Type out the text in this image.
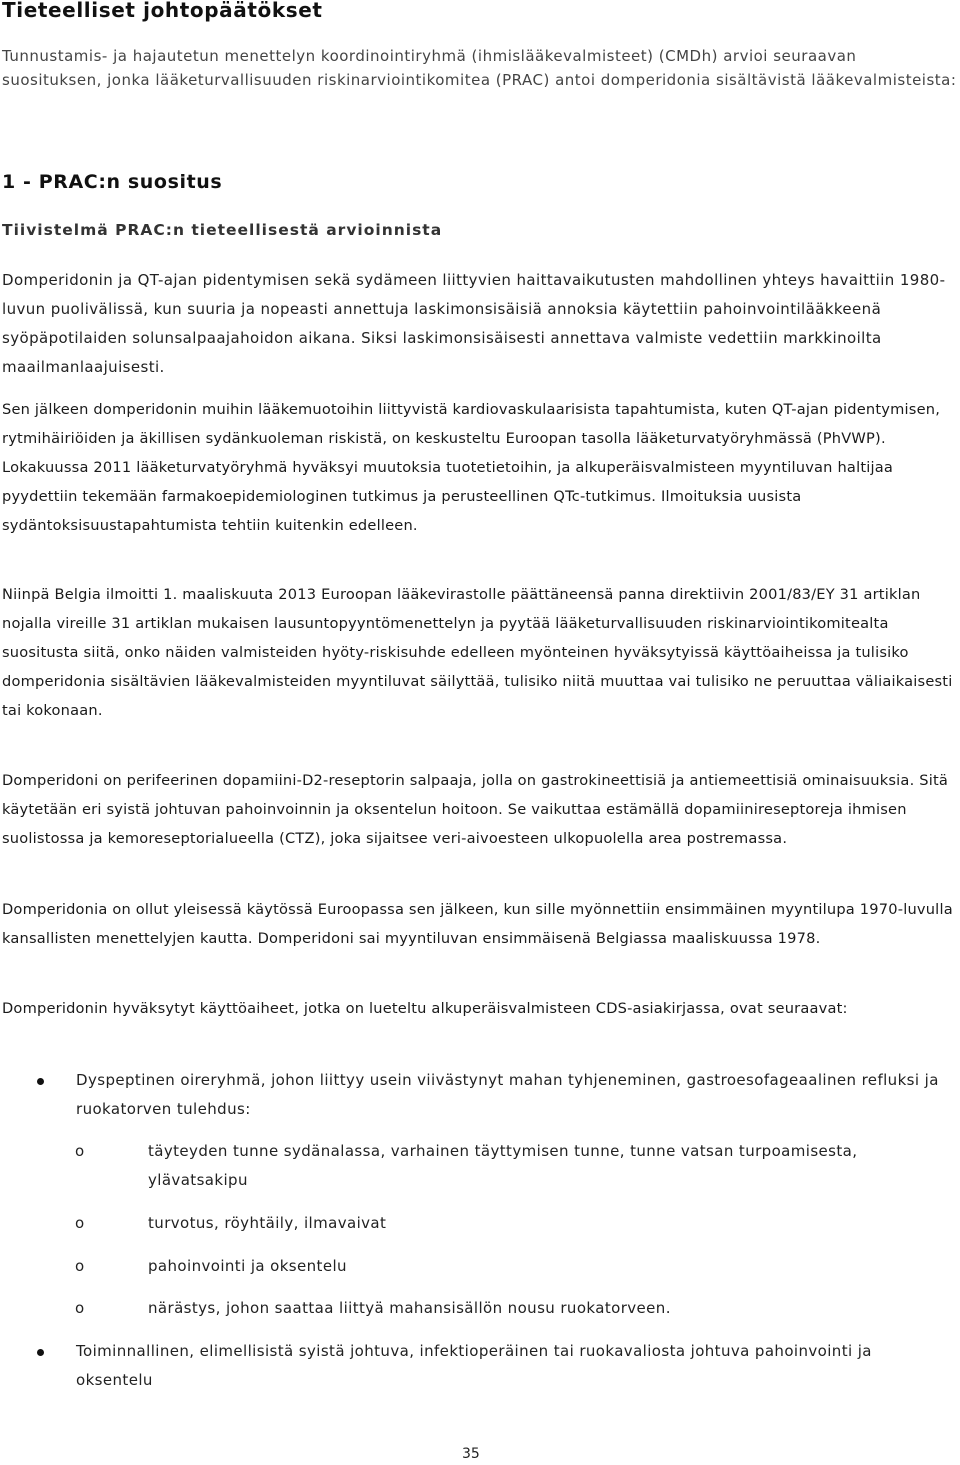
Tieteelliset johtopäätökset

Tunnustamis- ja hajautetun menettelyn koordinointiryhmä (ihmislääkevalmisteet) (CMDh) arvioi seuraavan suosituksen, jonka lääketurvallisuuden riskinarviointikomitea (PRAC) antoi domperidonia sisältävistä lääkevalmisteista:

1 - PRAC:n suositus
Tiivistelmä PRAC:n tieteellisestä arvioinnista

Domperidonin ja QT-ajan pidentymisen sekä sydämeen liittyvien haittavaikutusten mahdollinen yhteys havaittiin 1980-luvun puolivälissä, kun suuria ja nopeasti annettuja laskimonsisäisiä annoksia käytettiin pahoinvointilääkkeenä syöpäpotilaiden solunsalpaajahoidon aikana. Siksi laskimonsisäisesti annettava valmiste vedettiin markkinoilta maailmanlaajuisesti.

Sen jälkeen domperidonin muihin lääkemuotoihin liittyvistä kardiovaskulaarisista tapahtumista, kuten QT-ajan pidentymisen, rytmihäiriöiden ja äkillisen sydänkuoleman riskistä, on keskusteltu Euroopan tasolla lääketurvatyöryhmässä (PhVWP). Lokakuussa 2011 lääketurvatyöryhmä hyväksyi muutoksia tuotetietoihin, ja alkuperäisvalmisteen myyntiluvan haltijaa pyydettiin tekemään farmakoepidemiologinen tutkimus ja perusteellinen QTc-tutkimus. Ilmoituksia uusista sydäntoksisuustapahtumista tehtiin kuitenkin edelleen.

Niinpä Belgia ilmoitti 1. maaliskuuta 2013 Euroopan lääkevirastolle päättäneensä panna direktiivin 2001/83/EY 31 artiklan nojalla vireille 31 artiklan mukaisen lausuntopyyntömenettelyn ja pyytää lääketurvallisuuden riskinarviointikomitealta suositusta siitä, onko näiden valmisteiden hyöty-riskisuhde edelleen myönteinen hyväksytyissä käyttöaiheissa ja tulisiko domperidonia sisältävien lääkevalmisteiden myyntiluvat säilyttää, tulisiko niitä muuttaa vai tulisiko ne peruuttaa väliaikaisesti tai kokonaan.

Domperidoni on perifeerinen dopamiini-D2-reseptorin salpaaja, jolla on gastrokineettisiä ja antiemeettisiä ominaisuuksia. Sitä käytetään eri syistä johtuvan pahoinvoinnin ja oksentelun hoitoon. Se vaikuttaa estämällä dopamiinireseptoreja ihmisen suolistossa ja kemoreseptorialueella (CTZ), joka sijaitsee veri-aivoesteen ulkopuolella area postremassa.

Domperidonia on ollut yleisessä käytössä Euroopassa sen jälkeen, kun sille myönnettiin ensimmäinen myyntilupa 1970-luvulla kansallisten menettelyjen kautta. Domperidoni sai myyntiluvan ensimmäisenä Belgiassa maaliskuussa 1978.

Domperidonin hyväksytyt käyttöaiheet, jotka on lueteltu alkuperäisvalmisteen CDS-asiakirjassa, ovat seuraavat:

Dyspeptinen oireryhmä, johon liittyy usein viivästynyt mahan tyhjeneminen, gastroesofageaalinen refluksi ja ruokatorven tulehdus:

o	täyteyden tunne sydänalassa, varhainen täyttymisen tunne, tunne vatsan turpoamisesta, ylävatsakipu

o	turvotus, röyhtäily, ilmavaivat

o	pahoinvointi ja oksentelu

o	närästys, johon saattaa liittyä mahansisällön nousu ruokatorveen.

Toiminnallinen, elimellisistä syistä johtuva, infektioperäinen tai ruokavaliosta johtuva pahoinvointi ja oksentelu

35
